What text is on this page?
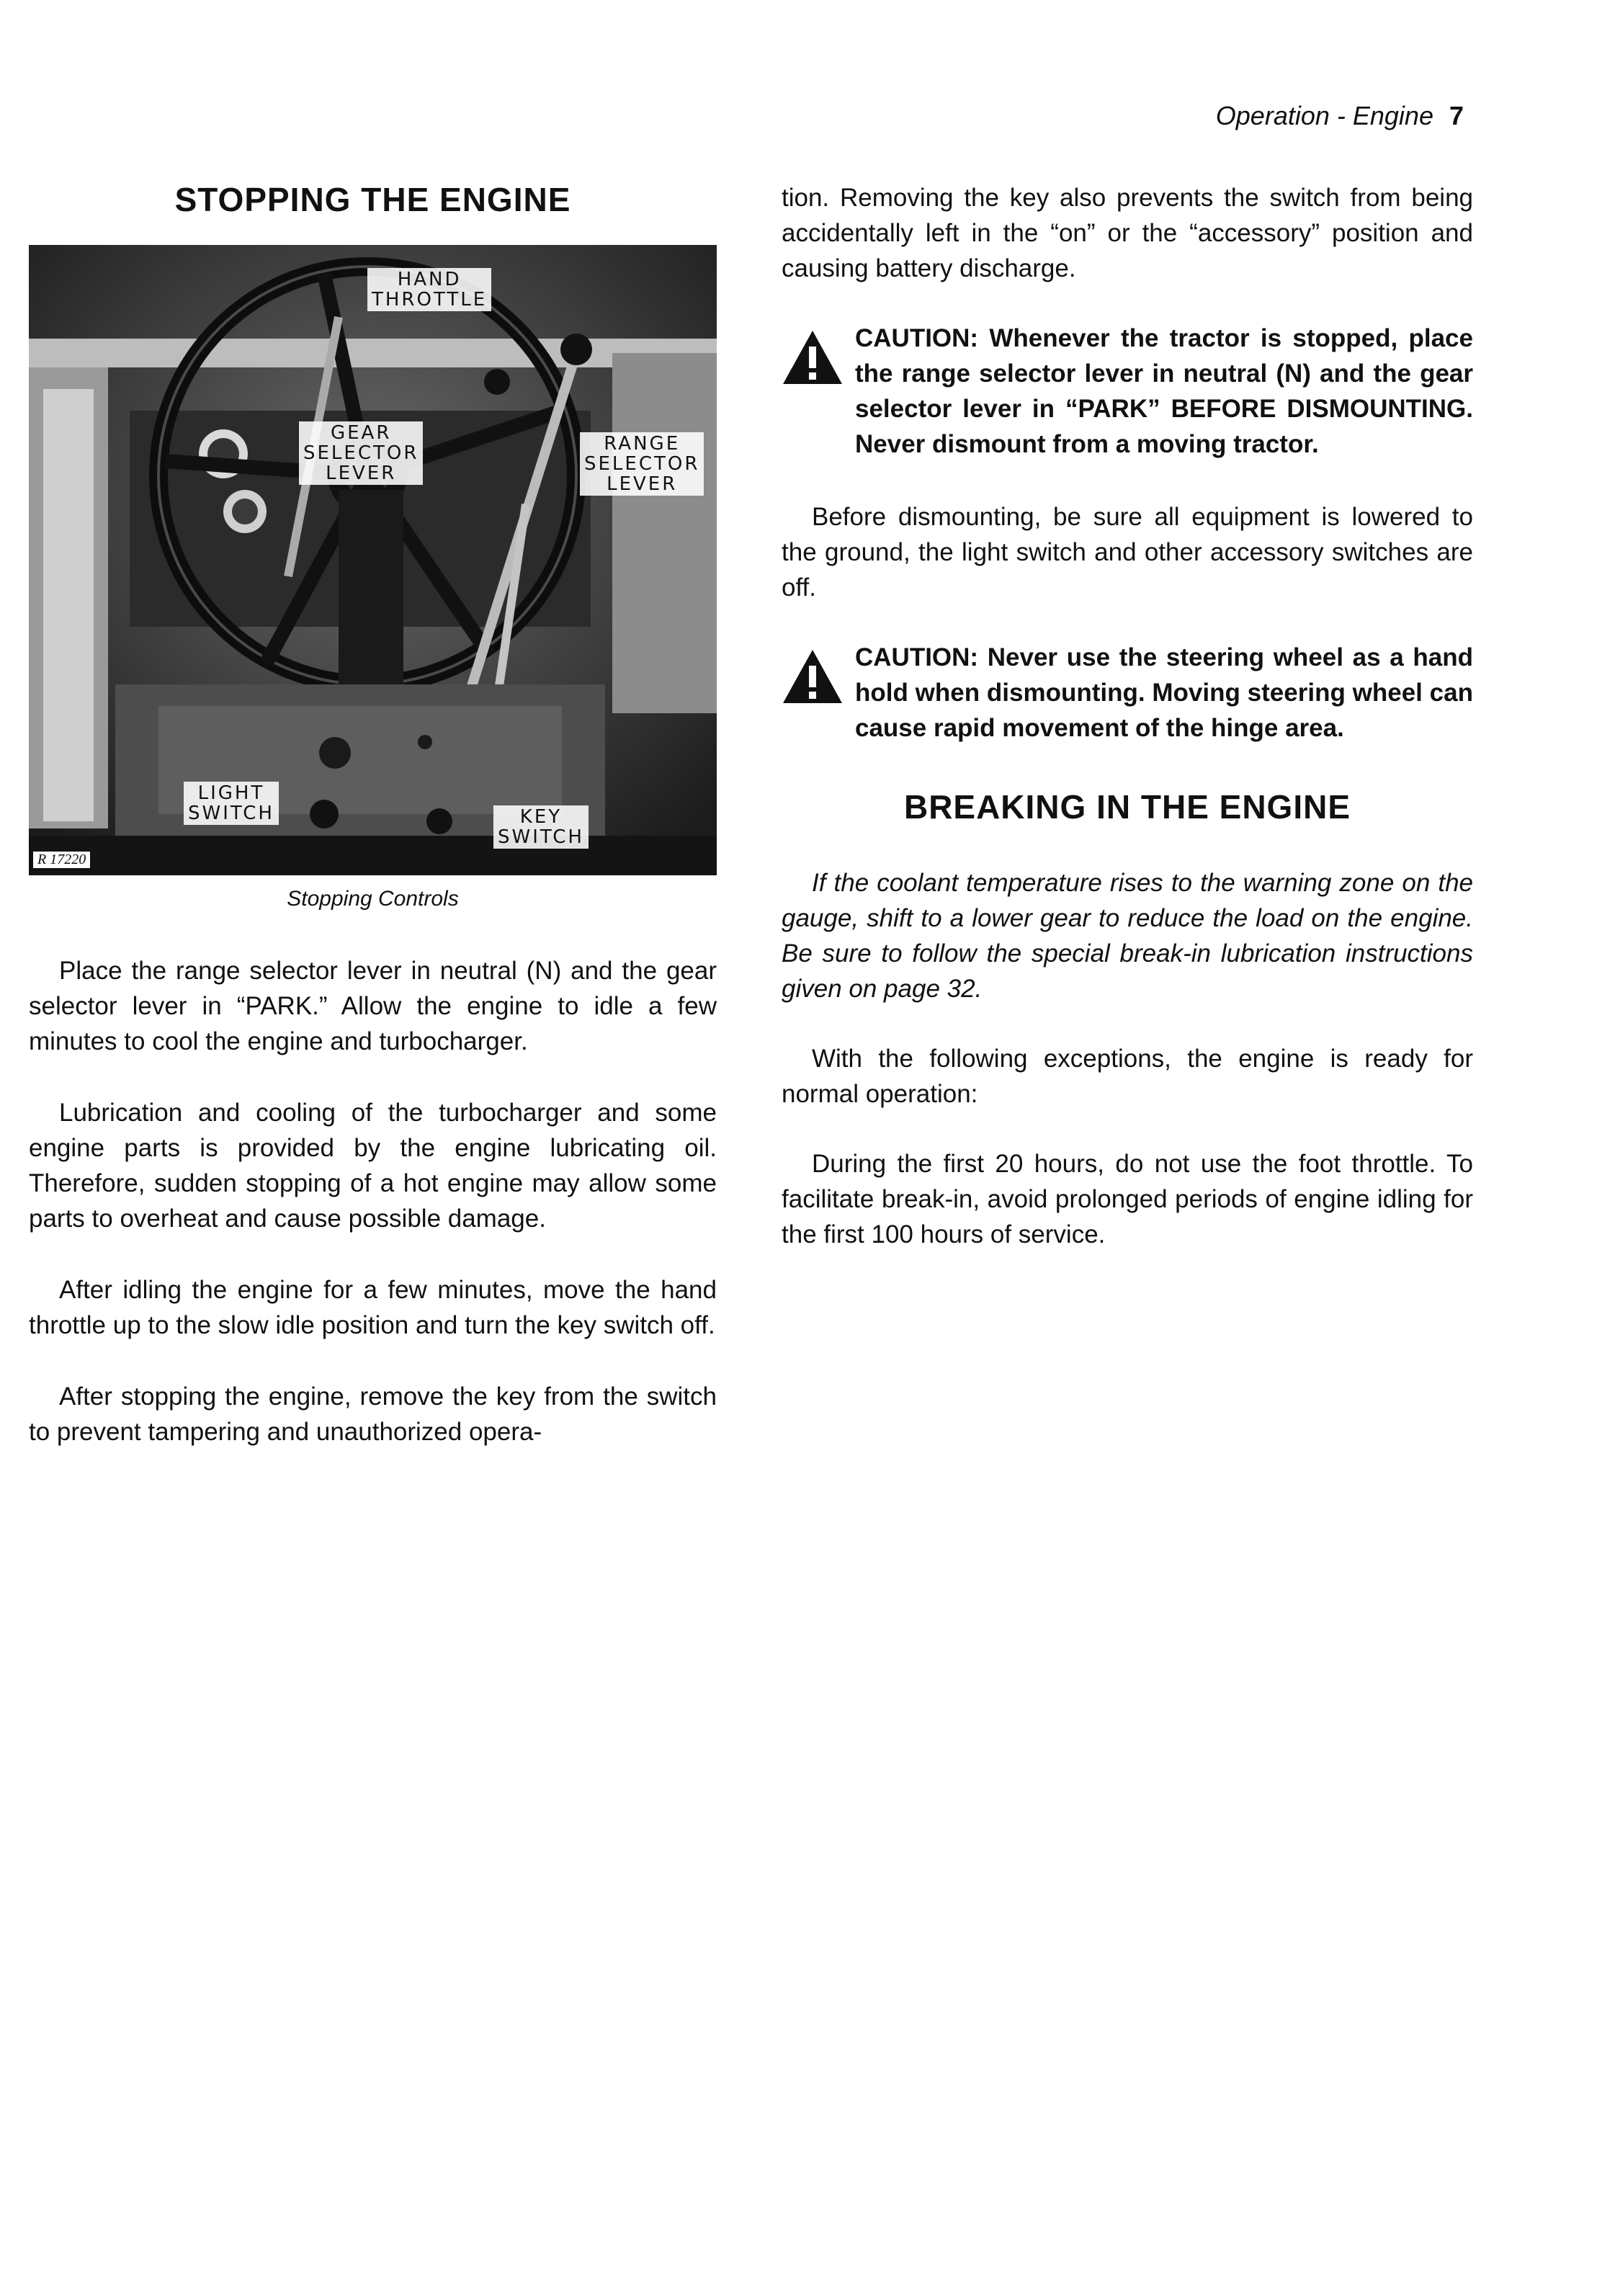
Operation - Engine 7
STOPPING THE ENGINE
HAND
THROTTLE
GEAR
SELECTOR
LEVER
RANGE
SELECTOR
LEVER
LIGHT
SWITCH	KEY
SWITCH
R 17220
Stopping Controls

Place the range selector lever in neutral (N) and the gear selector lever in “PARK.” Allow the engine to idle a few minutes to cool the engine and turbocharger.

Lubrication and cooling of the turbocharger and some engine parts is provided by the engine lubricating oil. Therefore, sudden stopping of a hot engine may allow some parts to overheat and cause possible damage.

After idling the engine for a few minutes, move the hand throttle up to the slow idle position and turn the key switch off.

After stopping the engine, remove the key from the switch to prevent tampering and unauthorized opera-

tion. Removing the key also prevents the switch from being accidentally left in the “on” or the “accessory” position and causing battery discharge.

CAUTION: Whenever the tractor is stopped, place the range selector lever in neutral (N) and the gear selector lever in “PARK” BEFORE DISMOUNTING. Never dismount from a moving tractor.

Before dismounting, be sure all equipment is lowered to the ground, the light switch and other accessory switches are off.

CAUTION: Never use the steering wheel as a hand hold when dismounting. Moving steering wheel can cause rapid movement of the hinge area.

BREAKING IN THE ENGINE

If the coolant temperature rises to the warning zone on the gauge, shift to a lower gear to reduce the load on the engine. Be sure to follow the special break-in lubrication instructions given on page 32.

With the following exceptions, the engine is ready for normal operation:

During the first 20 hours, do not use the foot throttle. To facilitate break-in, avoid prolonged periods of engine idling for the first 100 hours of service.
